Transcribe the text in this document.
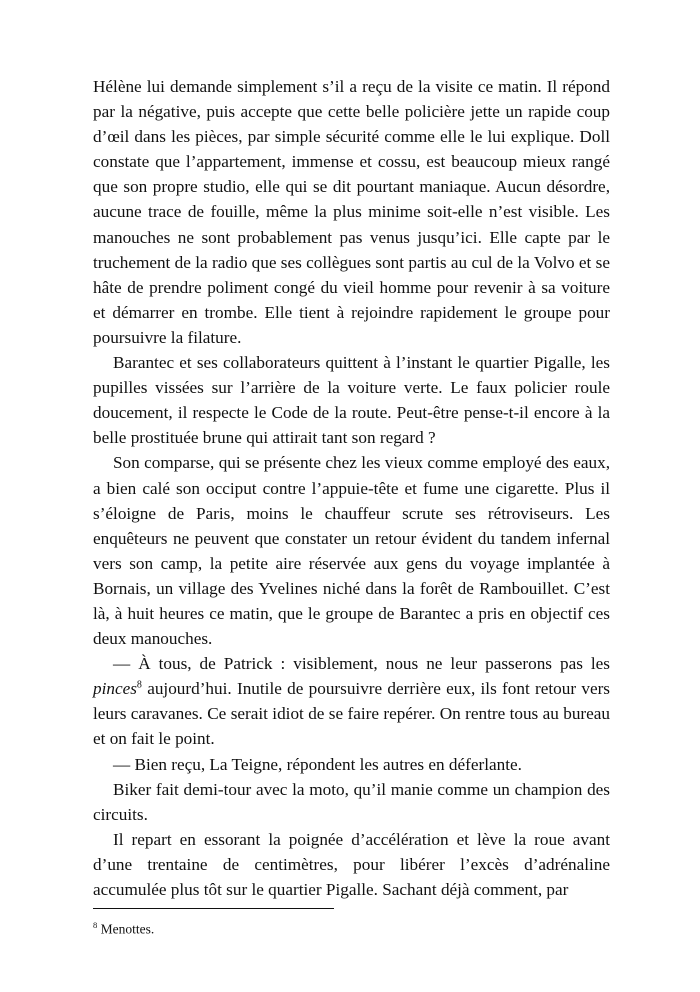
Hélène lui demande simplement s’il a reçu de la visite ce matin. Il répond par la négative, puis accepte que cette belle policière jette un rapide coup d’œil dans les pièces, par simple sécurité comme elle le lui explique. Doll constate que l’appartement, immense et cossu, est beaucoup mieux rangé que son propre studio, elle qui se dit pourtant maniaque. Aucun désordre, aucune trace de fouille, même la plus minime soit-elle n’est visible. Les manouches ne sont probablement pas venus jusqu’ici. Elle capte par le truchement de la radio que ses collègues sont partis au cul de la Volvo et se hâte de prendre poliment congé du vieil homme pour revenir à sa voiture et démarrer en trombe. Elle tient à rejoindre rapidement le groupe pour poursuivre la filature.

Barantec et ses collaborateurs quittent à l’instant le quartier Pigalle, les pupilles vissées sur l’arrière de la voiture verte. Le faux policier roule doucement, il respecte le Code de la route. Peut-être pense-t-il encore à la belle prostituée brune qui attirait tant son regard ?

Son comparse, qui se présente chez les vieux comme employé des eaux, a bien calé son occiput contre l’appuie-tête et fume une cigarette. Plus il s’éloigne de Paris, moins le chauffeur scrute ses rétroviseurs. Les enquêteurs ne peuvent que constater un retour évident du tandem infernal vers son camp, la petite aire réservée aux gens du voyage implantée à Bornais, un village des Yvelines niché dans la forêt de Rambouillet. C’est là, à huit heures ce matin, que le groupe de Barantec a pris en objectif ces deux manouches.

— À tous, de Patrick : visiblement, nous ne leur passerons pas les pinces$^8$ aujourd’hui. Inutile de poursuivre derrière eux, ils font retour vers leurs caravanes. Ce serait idiot de se faire repérer. On rentre tous au bureau et on fait le point.

— Bien reçu, La Teigne, répondent les autres en déferlante.

Biker fait demi-tour avec la moto, qu’il manie comme un champion des circuits.

Il repart en essorant la poignée d’accélération et lève la roue avant d’une trentaine de centimètres, pour libérer l’excès d’adrénaline accumulée plus tôt sur le quartier Pigalle. Sachant déjà comment, par

$^8$ Menottes.
